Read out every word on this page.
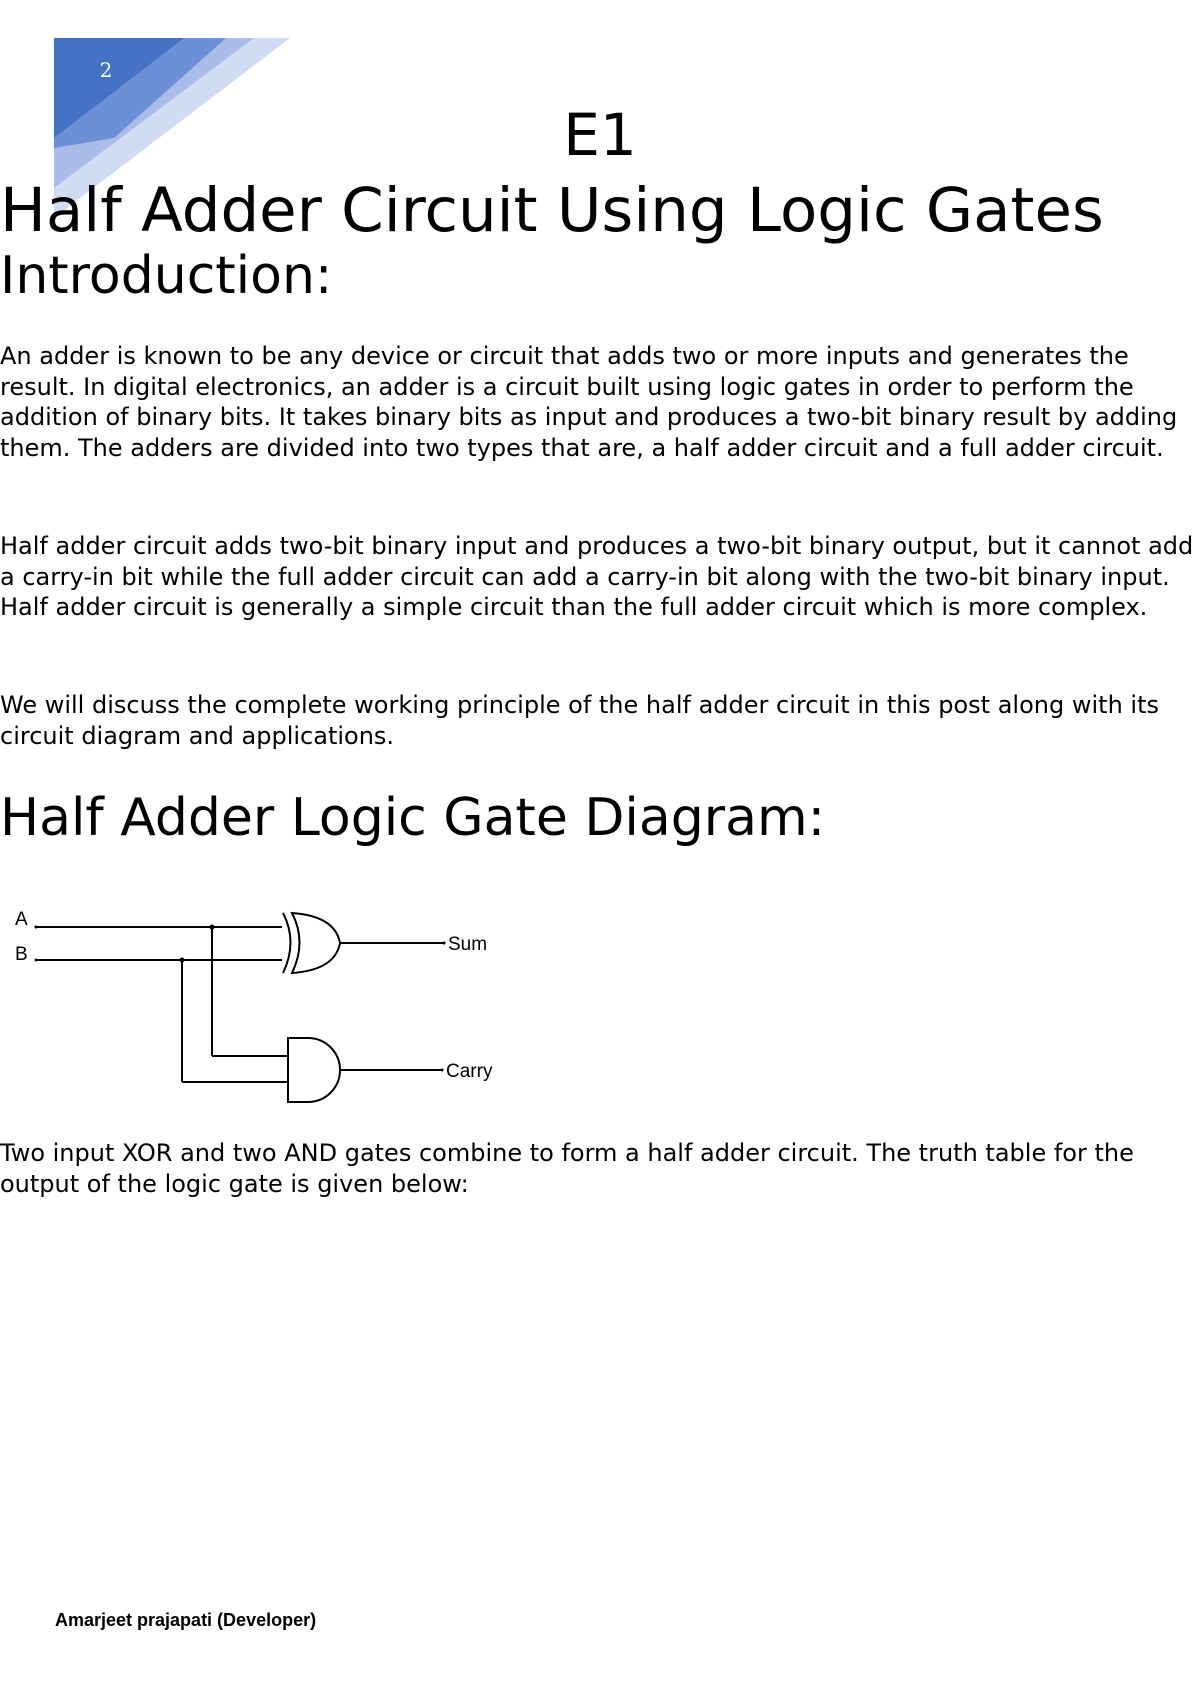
2
E1
Half Adder Circuit Using Logic Gates
Introduction:

An adder is known to be any device or circuit that adds two or more inputs and generates the result. In digital electronics, an adder is a circuit built using logic gates in order to perform the addition of binary bits. It takes binary bits as input and produces a two-bit binary result by adding them. The adders are divided into two types that are, a half adder circuit and a full adder circuit.

Half adder circuit adds two-bit binary input and produces a two-bit binary output, but it cannot add a carry-in bit while the full adder circuit can add a carry-in bit along with the two-bit binary input. Half adder circuit is generally a simple circuit than the full adder circuit which is more complex.

We will discuss the complete working principle of the half adder circuit in this post along with its circuit diagram and applications.

Half Adder Logic Gate Diagram:
A
B	Sum
Carry

Two input XOR and two AND gates combine to form a half adder circuit. The truth table for the output of the logic gate is given below:

Amarjeet prajapati (Developer)
